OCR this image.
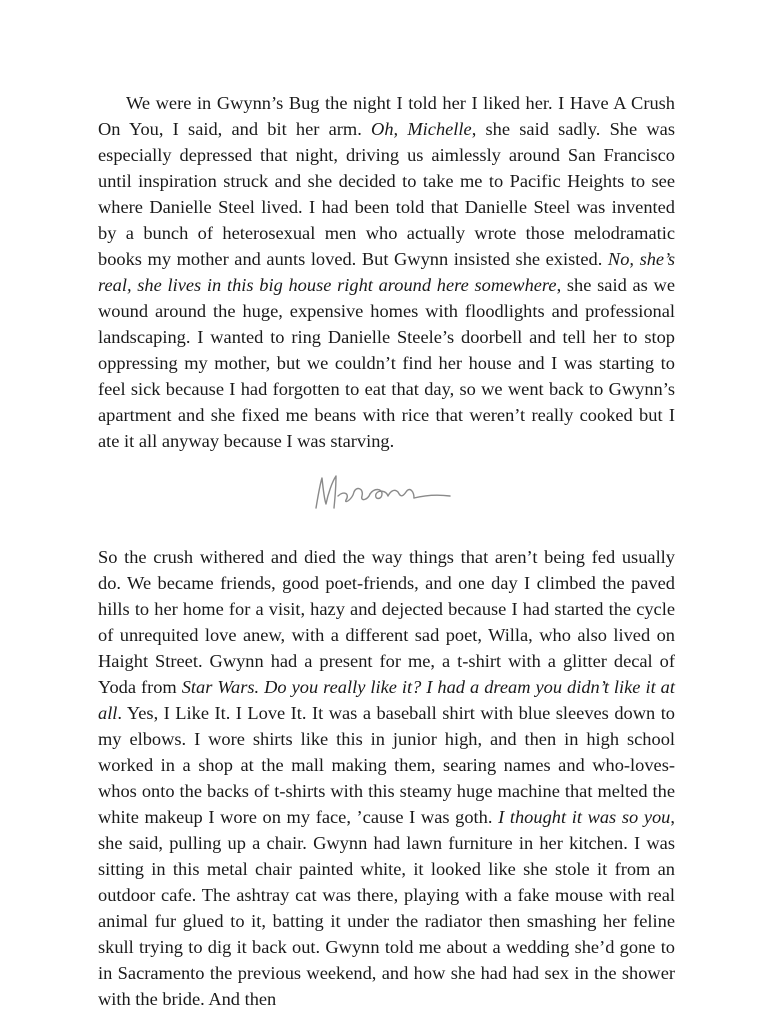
We were in Gwynn’s Bug the night I told her I liked her. I Have A Crush On You, I said, and bit her arm. Oh, Michelle, she said sadly. She was especially depressed that night, driving us aimlessly around San Francisco until inspiration struck and she decided to take me to Pacific Heights to see where Danielle Steel lived. I had been told that Danielle Steel was invented by a bunch of heterosexual men who actually wrote those melodramatic books my mother and aunts loved. But Gwynn insisted she existed. No, she’s real, she lives in this big house right around here somewhere, she said as we wound around the huge, expensive homes with floodlights and professional landscaping. I wanted to ring Danielle Steele’s doorbell and tell her to stop oppressing my mother, but we couldn’t find her house and I was starting to feel sick because I had forgotten to eat that day, so we went back to Gwynn’s apartment and she fixed me beans with rice that weren’t really cooked but I ate it all anyway because I was starving.

So the crush withered and died the way things that aren’t being fed usually do. We became friends, good poet-friends, and one day I climbed the paved hills to her home for a visit, hazy and dejected because I had started the cycle of unrequited love anew, with a different sad poet, Willa, who also lived on Haight Street. Gwynn had a present for me, a t-shirt with a glitter decal of Yoda from Star Wars. Do you really like it? I had a dream you didn’t like it at all. Yes, I Like It. I Love It. It was a baseball shirt with blue sleeves down to my elbows. I wore shirts like this in junior high, and then in high school worked in a shop at the mall making them, searing names and who-loves-whos onto the backs of t-shirts with this steamy huge machine that melted the white makeup I wore on my face, ’cause I was goth. I thought it was so you, she said, pulling up a chair. Gwynn had lawn furniture in her kitchen. I was sitting in this metal chair painted white, it looked like she stole it from an outdoor cafe. The ashtray cat was there, playing with a fake mouse with real animal fur glued to it, batting it under the radiator then smashing her feline skull trying to dig it back out. Gwynn told me about a wedding she’d gone to in Sacramento the previous weekend, and how she had had sex in the shower with the bride. And then
